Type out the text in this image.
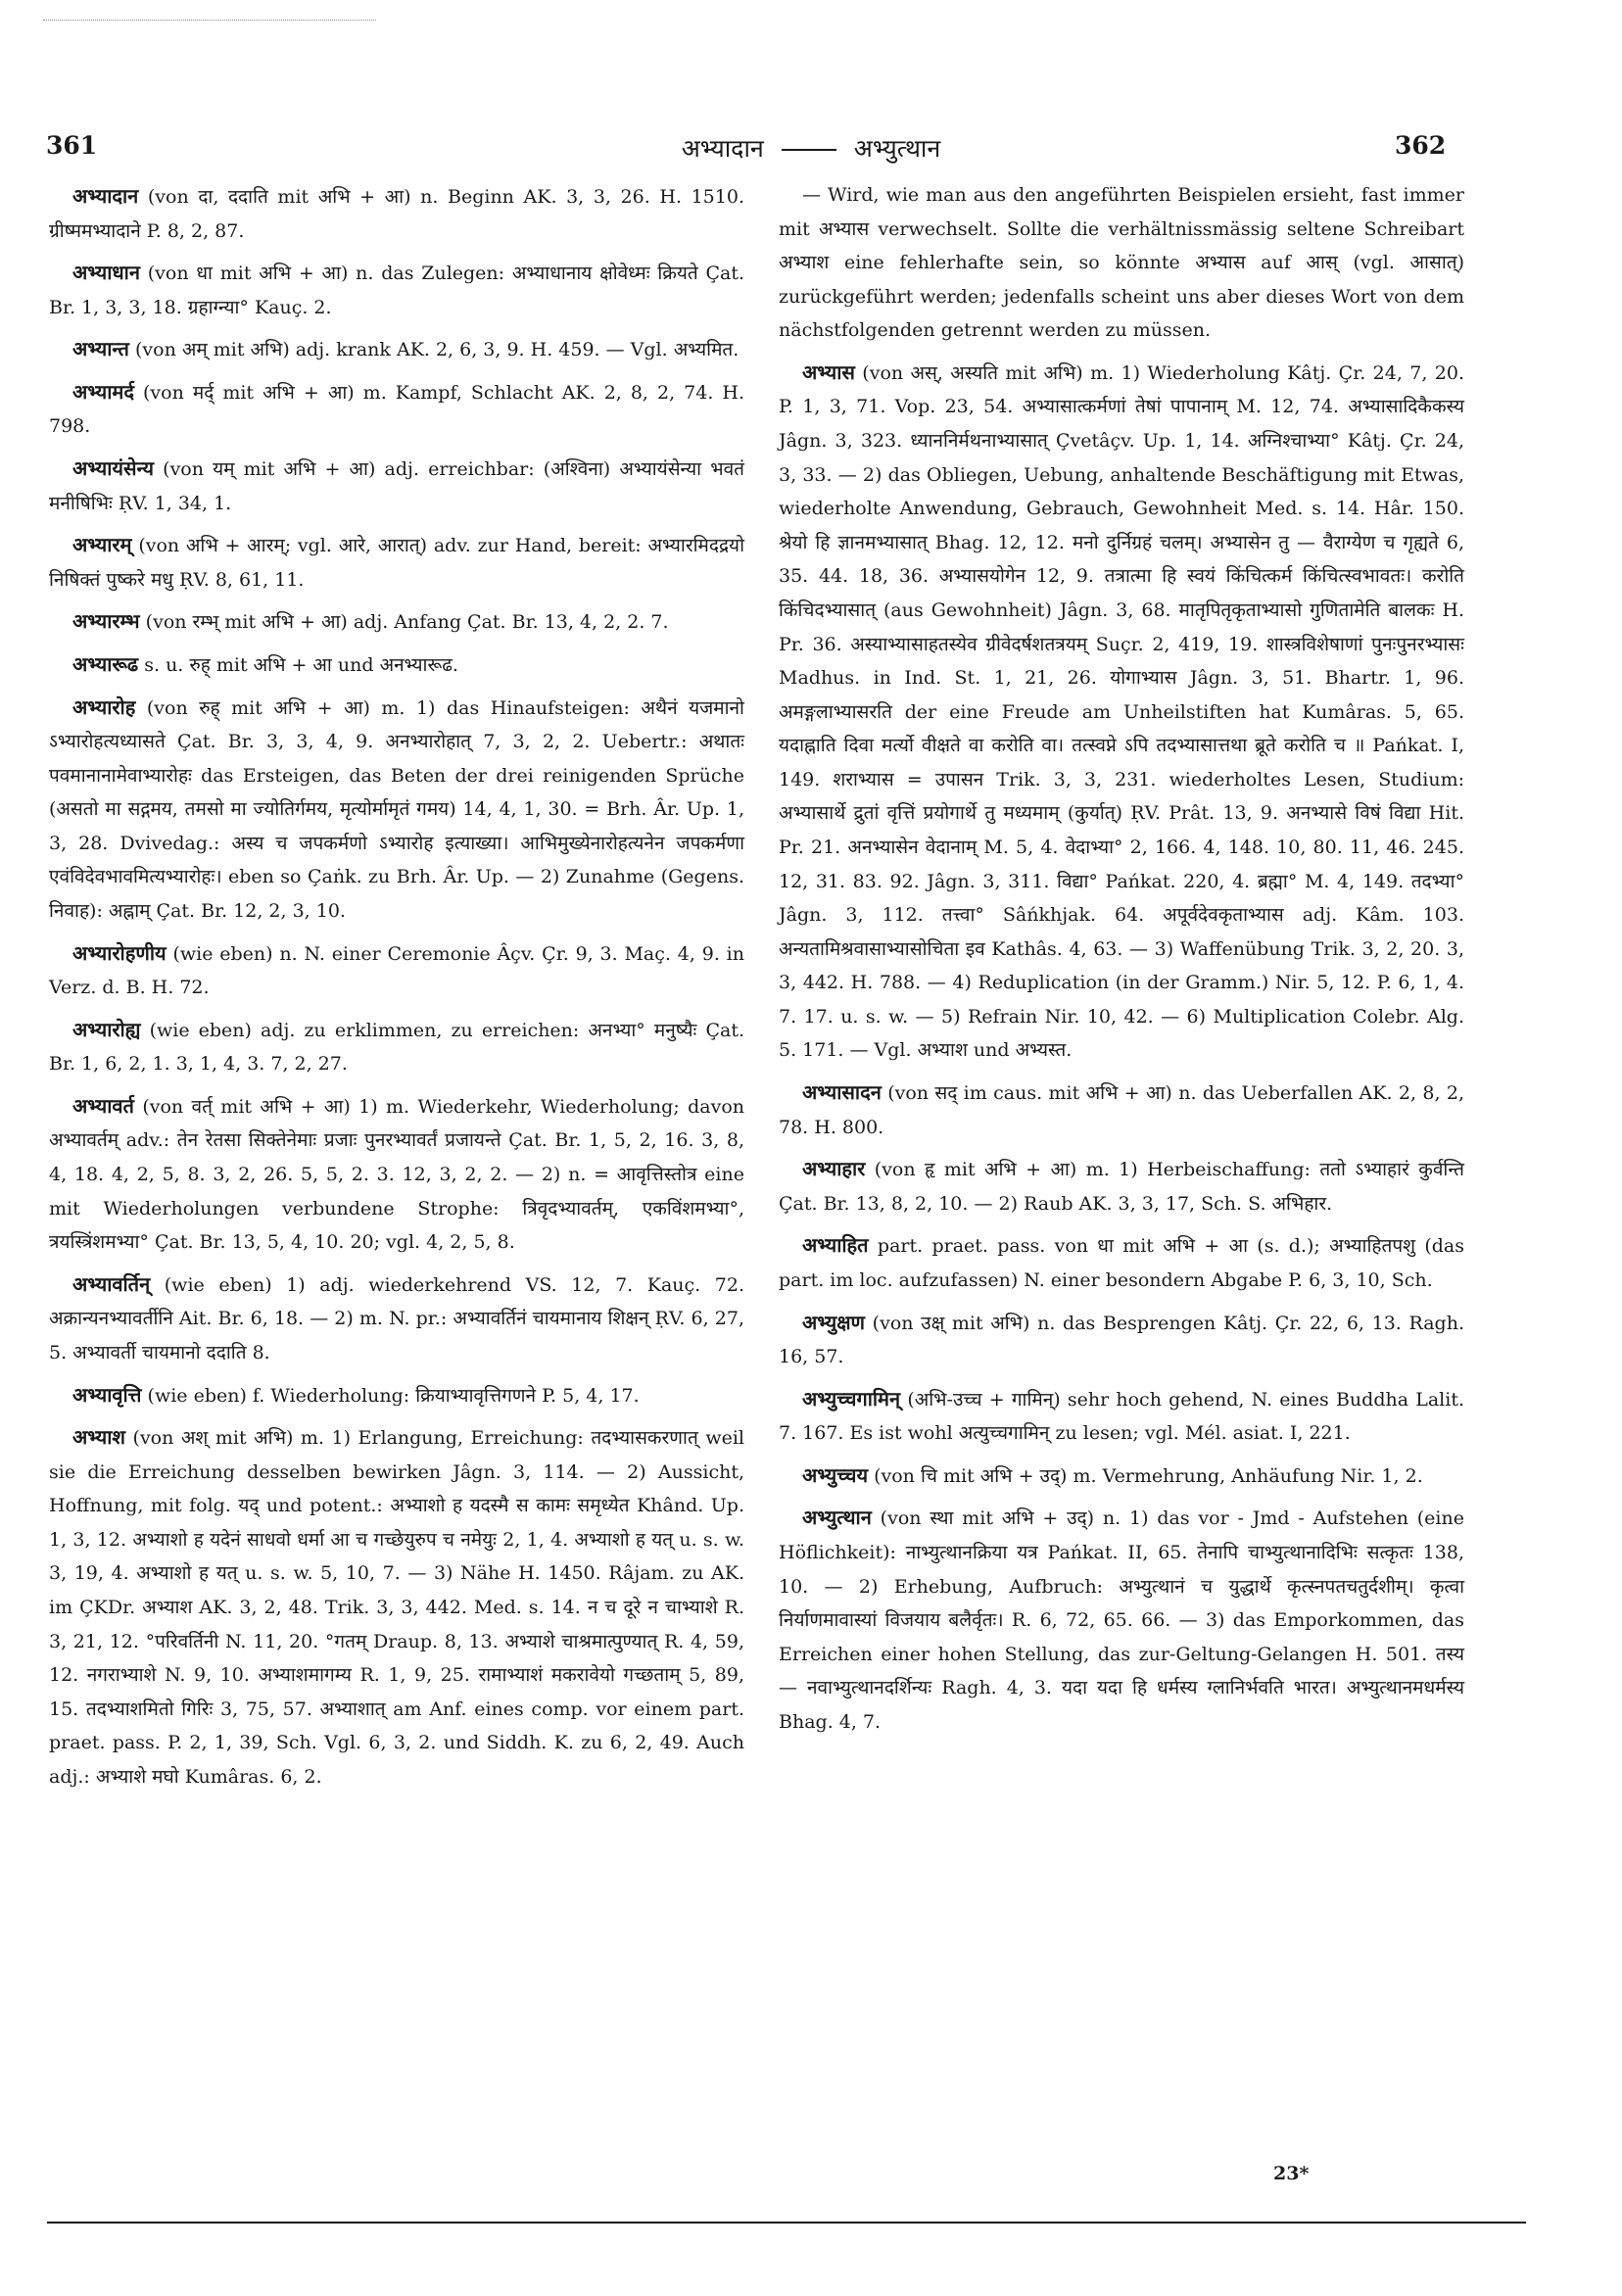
361	अभ्यादान	अभ्युत्थान	362

अभ्यादान (von दा, ददाति mit अभि + आ) n. Beginn AK. 3, 3, 26. H. 1510. ग्रीष्ममभ्यादाने P. 8, 2, 87.

अभ्याधान (von धा mit अभि + आ) n. das Zulegen: अभ्याधानाय क्षोवेध्मः क्रियते Çat. Br. 1, 3, 3, 18. ग्रहाग्न्या° Kauç. 2.

अभ्यान्त (von अम् mit अभि) adj. krank AK. 2, 6, 3, 9. H. 459. — Vgl. अभ्यमित.

अभ्यामर्द (von मर्द् mit अभि + आ) m. Kampf, Schlacht AK. 2, 8, 2, 74. H. 798.

अभ्यायंसेन्य (von यम् mit अभि + आ) adj. erreichbar: (अश्विना) अभ्यायंसेन्या भवतं मनीषिभिः ṚV. 1, 34, 1.

अभ्यारम् (von अभि + आरम्; vgl. आरे, आरात्) adv. zur Hand, bereit: अभ्यारमिदद्रयो निषिक्तं पुष्करे मधु ṚV. 8, 61, 11.

अभ्यारम्भ (von रम्भ् mit अभि + आ) adj. Anfang Çat. Br. 13, 4, 2, 2. 7.

अभ्यारूढ s. u. रुह् mit अभि + आ und अनभ्यारूढ.

अभ्यारोह (von रुह् mit अभि + आ) m. 1) das Hinaufsteigen: अथैनं यजमानो ऽभ्यारोहत्यध्यासते Çat. Br. 3, 3, 4, 9. अनभ्यारोहात् 7, 3, 2, 2. Uebertr.: अथातः पवमानानामेवाभ्यारोहः das Ersteigen, das Beten der drei reinigenden Sprüche (असतो मा सद्गमय, तमसो मा ज्योतिर्गमय, मृत्योर्मामृतं गमय) 14, 4, 1, 30. = Brh. Âr. Up. 1, 3, 28. Dvivedag.: अस्य च जपकर्मणो ऽभ्यारोह इत्याख्या। आभिमुख्येनारोहत्यनेन जपकर्मणा एवंविदेवभावमित्यभ्यारोहः। eben so Çaṅk. zu Brh. Âr. Up. — 2) Zunahme (Gegens. निवाह): अह्नाम् Çat. Br. 12, 2, 3, 10.

अभ्यारोहणीय (wie eben) n. N. einer Ceremonie Âçv. Çr. 9, 3. Maç. 4, 9. in Verz. d. B. H. 72.

अभ्यारोह्य (wie eben) adj. zu erklimmen, zu erreichen: अनभ्या° मनुष्यैः Çat. Br. 1, 6, 2, 1. 3, 1, 4, 3. 7, 2, 27.

अभ्यावर्त (von वर्त् mit अभि + आ) 1) m. Wiederkehr, Wiederholung; davon अभ्यावर्तम् adv.: तेन रेतसा सिक्तेनेमाः प्रजाः पुनरभ्यावर्तं प्रजायन्ते Çat. Br. 1, 5, 2, 16. 3, 8, 4, 18. 4, 2, 5, 8. 3, 2, 26. 5, 5, 2. 3. 12, 3, 2, 2. — 2) n. = आवृत्तिस्तोत्र eine mit Wiederholungen verbundene Strophe: त्रिवृदभ्यावर्तम्, एकविंशमभ्या°, त्रयस्त्रिंशमभ्या° Çat. Br. 13, 5, 4, 10. 20; vgl. 4, 2, 5, 8.

अभ्यावर्तिन् (wie eben) 1) adj. wiederkehrend VS. 12, 7. Kauç. 72. अक्रान्यनभ्यावर्तीनि Ait. Br. 6, 18. — 2) m. N. pr.: अभ्यावर्तिनं चायमानाय शिक्षन् ṚV. 6, 27, 5. अभ्यावर्ती चायमानो ददाति 8.

अभ्यावृत्ति (wie eben) f. Wiederholung: क्रियाभ्यावृत्तिगणने P. 5, 4, 17.

अभ्याश (von अश् mit अभि) m. 1) Erlangung, Erreichung: तदभ्यासकरणात् weil sie die Erreichung desselben bewirken Jâgn. 3, 114. — 2) Aussicht, Hoffnung, mit folg. यद् und potent.: अभ्याशो ह यदस्मै स कामः समृध्येत Khând. Up. 1, 3, 12. अभ्याशो ह यदेनं साधवो धर्मा आ च गच्छेयुरुप च नमेयुः 2, 1, 4. अभ्याशो ह यत् u. s. w. 3, 19, 4. अभ्याशो ह यत् u. s. w. 5, 10, 7. — 3) Nähe H. 1450. Râjam. zu AK. im ÇKDr. अभ्याश AK. 3, 2, 48. Trik. 3, 3, 442. Med. s. 14. न च दूरे न चाभ्याशे R. 3, 21, 12. °परिवर्तिनी N. 11, 20. °गतम् Draup. 8, 13. अभ्याशे चाश्रमात्पुण्यात् R. 4, 59, 12. नगराभ्याशे N. 9, 10. अभ्याशमागम्य R. 1, 9, 25. रामाभ्याशं मकरावेयो गच्छताम् 5, 89, 15. तदभ्याशमितो गिरिः 3, 75, 57. अभ्याशात् am Anf. eines comp. vor einem part. praet. pass. P. 2, 1, 39, Sch. Vgl. 6, 3, 2. und Siddh. K. zu 6, 2, 49. Auch adj.: अभ्याशे मघो Kumâras. 6, 2.

— Wird, wie man aus den angeführten Beispielen ersieht, fast immer mit अभ्यास verwechselt. Sollte die verhältnissmässig seltene Schreibart अभ्याश eine fehlerhafte sein, so könnte अभ्यास auf आस् (vgl. आसात्) zurückgeführt werden; jedenfalls scheint uns aber dieses Wort von dem nächstfolgenden getrennt werden zu müssen.

अभ्यास (von अस्, अस्यति mit अभि) m. 1) Wiederholung Kâtj. Çr. 24, 7, 20. P. 1, 3, 71. Vop. 23, 54. अभ्यासात्कर्मणां तेषां पापानाम् M. 12, 74. अभ्यासादिकैकस्य Jâgn. 3, 323. ध्याननिर्मथनाभ्यासात् Çvetâçv. Up. 1, 14. अग्निश्चाभ्या° Kâtj. Çr. 24, 3, 33. — 2) das Obliegen, Uebung, anhaltende Beschäftigung mit Etwas, wiederholte Anwendung, Gebrauch, Gewohnheit Med. s. 14. Hâr. 150. श्रेयो हि ज्ञानमभ्यासात् Bhag. 12, 12. मनो दुर्निग्रहं चलम्। अभ्यासेन तु — वैराग्येण च गृह्यते 6, 35. 44. 18, 36. अभ्यासयोगेन 12, 9. तत्रात्मा हि स्वयं किंचित्कर्म किंचित्स्वभावतः। करोति किंचिदभ्यासात् (aus Gewohnheit) Jâgn. 3, 68. मातृपितृकृताभ्यासो गुणितामेति बालकः H. Pr. 36. अस्याभ्यासाहतस्येव ग्रीवेदर्षशतत्रयम् Suçr. 2, 419, 19. शास्त्रविशेषाणां पुनःपुनरभ्यासः Madhus. in Ind. St. 1, 21, 26. योगाभ्यास Jâgn. 3, 51. Bhartr. 1, 96. अमङ्गलाभ्यासरति der eine Freude am Unheilstiften hat Kumâras. 5, 65. यदाह्नाति दिवा मर्त्यो वीक्षते वा करोति वा। तत्स्वप्ने ऽपि तदभ्यासात्तथा ब्रूते करोति च ॥ Pańkat. I, 149. शराभ्यास = उपासन Trik. 3, 3, 231. wiederholtes Lesen, Studium: अभ्यासार्थे द्रुतां वृत्तिं प्रयोगार्थे तु मध्यमाम् (कुर्यात्) ṚV. Prât. 13, 9. अनभ्यासे विषं विद्या Hit. Pr. 21. अनभ्यासेन वेदानाम् M. 5, 4. वेदाभ्या° 2, 166. 4, 148. 10, 80. 11, 46. 245. 12, 31. 83. 92. Jâgn. 3, 311. विद्या° Pańkat. 220, 4. ब्रह्मा° M. 4, 149. तदभ्या° Jâgn. 3, 112. तत्त्वा° Sâńkhjak. 64. अपूर्वदेवकृताभ्यास adj. Kâm. 103. अन्यतामिश्रवासाभ्यासोचिता इव Kathâs. 4, 63. — 3) Waffenübung Trik. 3, 2, 20. 3, 3, 442. H. 788. — 4) Reduplication (in der Gramm.) Nir. 5, 12. P. 6, 1, 4. 7. 17. u. s. w. — 5) Refrain Nir. 10, 42. — 6) Multiplication Colebr. Alg. 5. 171. — Vgl. अभ्याश und अभ्यस्त.

अभ्यासादन (von सद् im caus. mit अभि + आ) n. das Ueberfallen AK. 2, 8, 2, 78. H. 800.

अभ्याहार (von हृ mit अभि + आ) m. 1) Herbeischaffung: ततो ऽभ्याहारं कुर्वन्ति Çat. Br. 13, 8, 2, 10. — 2) Raub AK. 3, 3, 17, Sch. S. अभिहार.

अभ्याहित part. praet. pass. von धा mit अभि + आ (s. d.); अभ्याहितपशु (das part. im loc. aufzufassen) N. einer besondern Abgabe P. 6, 3, 10, Sch.

अभ्युक्षण (von उक्ष् mit अभि) n. das Besprengen Kâtj. Çr. 22, 6, 13. Ragh. 16, 57.

अभ्युच्चगामिन् (अभि-उच्च + गामिन्) sehr hoch gehend, N. eines Buddha Lalit. 7. 167. Es ist wohl अत्युच्चगामिन् zu lesen; vgl. Mél. asiat. I, 221.

अभ्युच्चय (von चि mit अभि + उद्) m. Vermehrung, Anhäufung Nir. 1, 2.

अभ्युत्थान (von स्था mit अभि + उद्) n. 1) das vor - Jmd - Aufstehen (eine Höflichkeit): नाभ्युत्थानक्रिया यत्र Pańkat. II, 65. तेनापि चाभ्युत्थानादिभिः सत्कृतः 138, 10. — 2) Erhebung, Aufbruch: अभ्युत्थानं च युद्धार्थे कृत्स्नपतचतुर्दशीम्। कृत्वा निर्याणमावास्यां विजयाय बलैर्वृतः। R. 6, 72, 65. 66. — 3) das Emporkommen, das Erreichen einer hohen Stellung, das zur-Geltung-Gelangen H. 501. तस्य — नवाभ्युत्थानदर्शिन्यः Ragh. 4, 3. यदा यदा हि धर्मस्य ग्लानिर्भवति भारत। अभ्युत्थानमधर्मस्य Bhag. 4, 7.

23*
